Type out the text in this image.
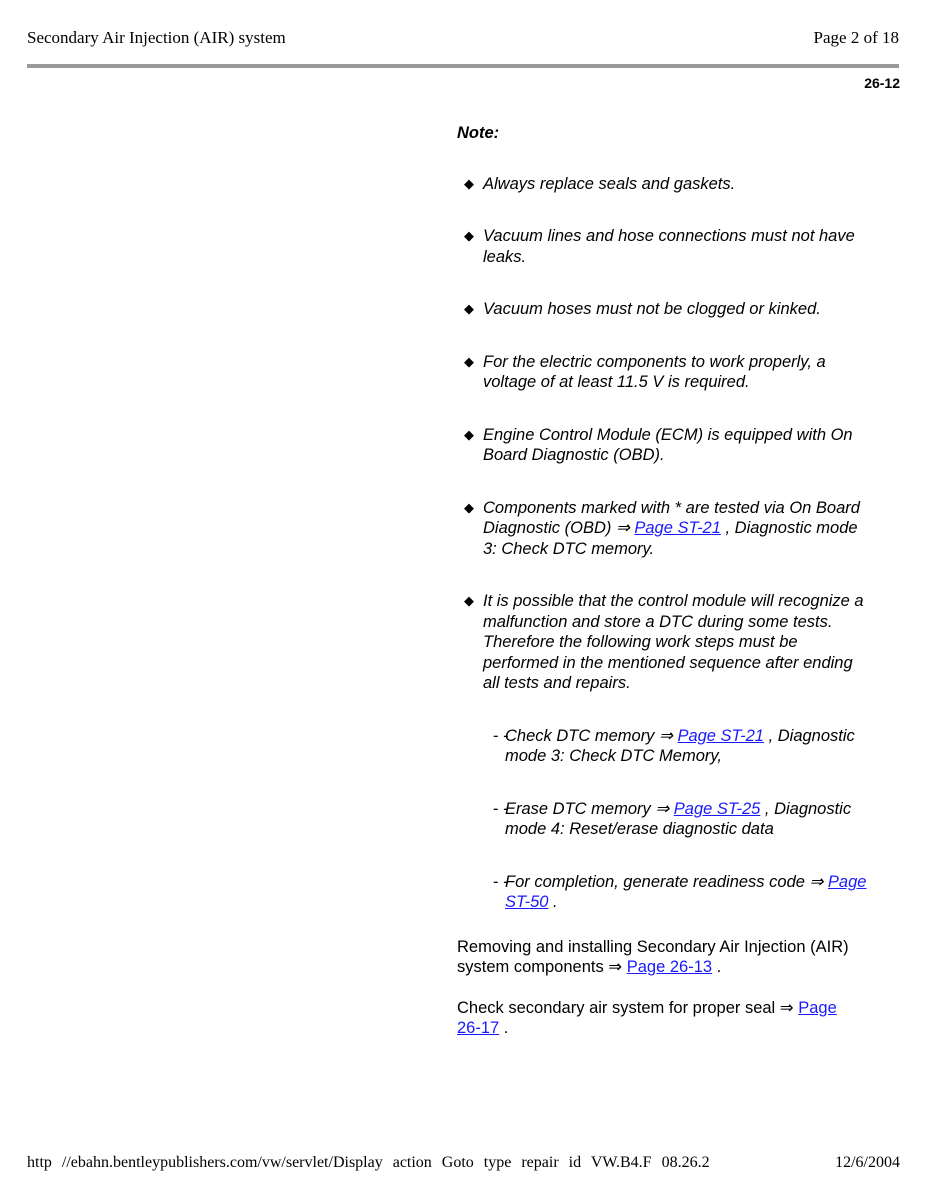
Secondary Air Injection (AIR) system	Page 2 of 18
26-12
Note:
◆ Always replace seals and gaskets.
◆ Vacuum lines and hose connections must not have leaks.
◆ Vacuum hoses must not be clogged or kinked.
◆ For the electric components to work properly, a voltage of at least 11.5 V is required.
◆ Engine Control Module (ECM) is equipped with On Board Diagnostic (OBD).
◆ Components marked with * are tested via On Board Diagnostic (OBD) ⇒ Page ST-21 , Diagnostic mode 3: Check DTC memory.
◆ It is possible that the control module will recognize a malfunction and store a DTC during some tests. Therefore the following work steps must be performed in the mentioned sequence after ending all tests and repairs.
- -
Check DTC memory ⇒ Page ST-21 , Diagnostic mode 3: Check DTC Memory,
- -
Erase DTC memory ⇒ Page ST-25 , Diagnostic mode 4: Reset/erase diagnostic data
- -
For completion, generate readiness code ⇒ Page ST-50 .

Removing and installing Secondary Air Injection (AIR) system components ⇒ Page 26-13 .

Check secondary air system for proper seal ⇒ Page 26-17 .

http //ebahn.bentleypublishers.com/vw/servlet/Display action Goto type repair id VW.B4.F 08.26.2	12/6/2004
